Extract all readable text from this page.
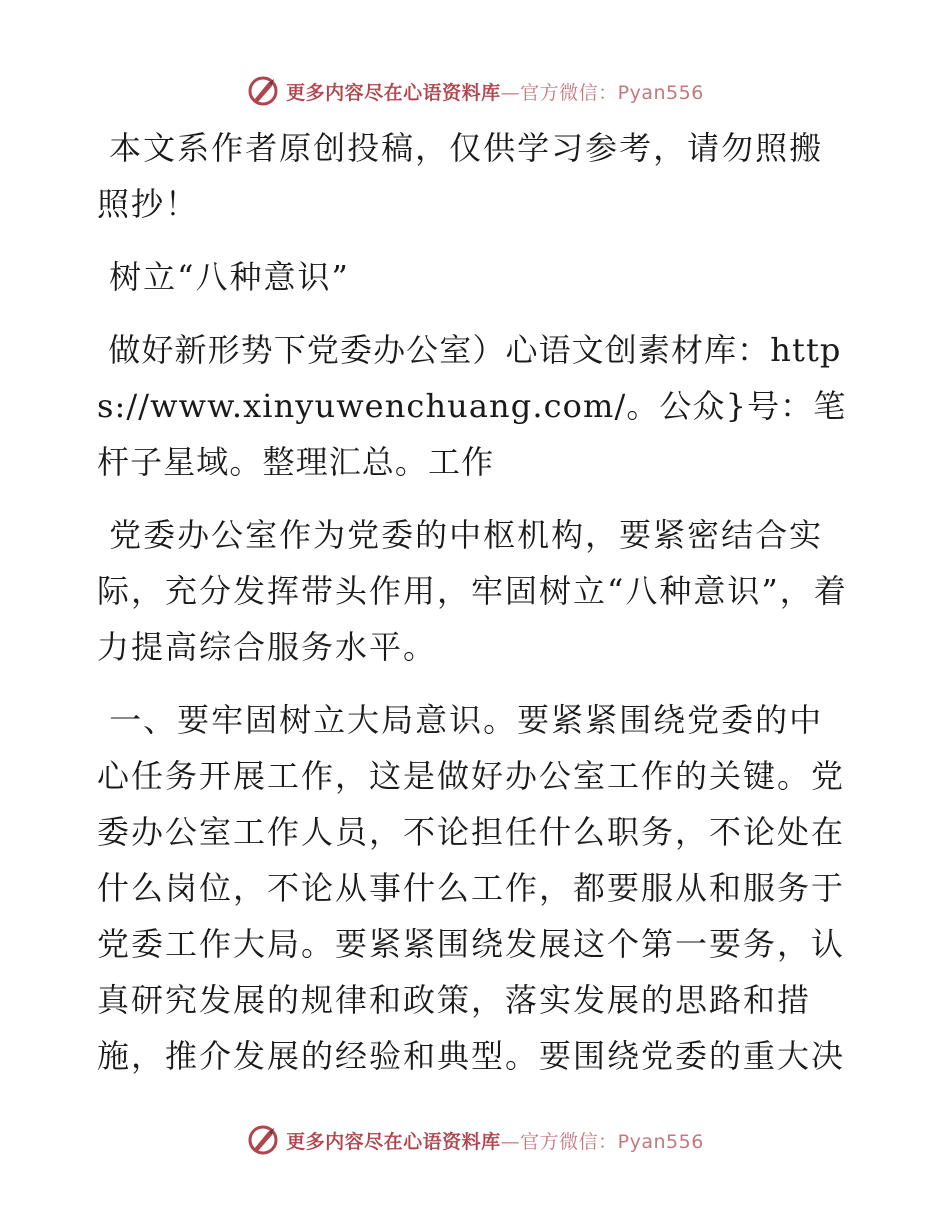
更多内容尽在心语资料库—官方微信：Pyan556

本文系作者原创投稿，仅供学习参考，请勿照搬照抄！

树立“八种意识”

做好新形势下党委办公室）心语文创素材库：https://www.xinyuwenchuang.com/。公众}号：笔杆子星域。整理汇总。工作

党委办公室作为党委的中枢机构，要紧密结合实际，充分发挥带头作用，牢固树立“八种意识”，着力提高综合服务水平。

一、要牢固树立大局意识。要紧紧围绕党委的中心任务开展工作，这是做好办公室工作的关键。党委办公室工作人员，不论担任什么职务，不论处在什么岗位，不论从事什么工作，都要服从和服务于党委工作大局。要紧紧围绕发展这个第一要务，认真研究发展的规律和政策，落实发展的思路和措施，推介发展的经验和典型。要围绕党委的重大决

更多内容尽在心语资料库—官方微信：Pyan556
